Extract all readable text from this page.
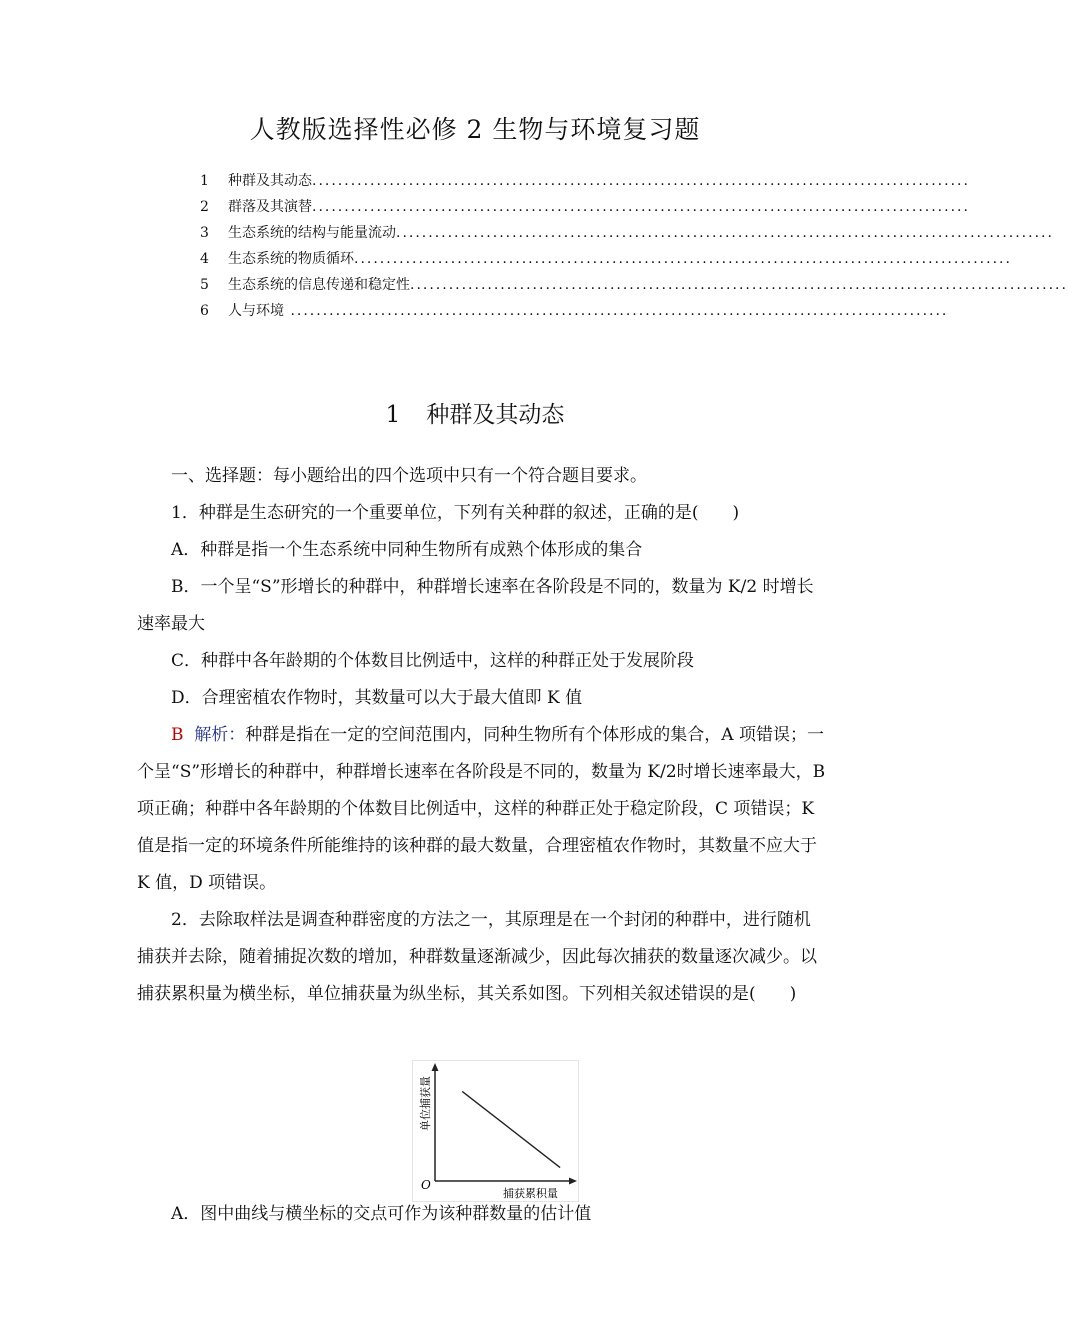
人教版选择性必修 2 生物与环境复习题
1 种群及其动态......................................................................................................
2 群落及其演替......................................................................................................
3 生态系统的结构与能量流动......................................................................................................
4 生态系统的物质循环......................................................................................................
5 生态系统的信息传递和稳定性......................................................................................................
6 人与环境 ......................................................................................................
1 种群及其动态

一、选择题：每小题给出的四个选项中只有一个符合题目要求。

1．种群是生态研究的一个重要单位，下列有关种群的叙述，正确的是(　　)

A．种群是指一个生态系统中同种生物所有成熟个体形成的集合

B．一个呈“S”形增长的种群中，种群增长速率在各阶段是不同的，数量为 K/2 时增长速率最大

C．种群中各年龄期的个体数目比例适中，这样的种群正处于发展阶段

D．合理密植农作物时，其数量可以大于最大值即 K 值

B 解析：种群是指在一定的空间范围内，同种生物所有个体形成的集合，A 项错误；一个呈“S”形增长的种群中，种群增长速率在各阶段是不同的，数量为 K/2时增长速率最大，B 项正确；种群中各年龄期的个体数目比例适中，这样的种群正处于稳定阶段，C 项错误；K 值是指一定的环境条件所能维持的该种群的最大数量，合理密植农作物时，其数量不应大于 K 值，D 项错误。

2．去除取样法是调查种群密度的方法之一，其原理是在一个封闭的种群中，进行随机捕获并去除，随着捕捉次数的增加，种群数量逐渐减少，因此每次捕获的数量逐次减少。以捕获累积量为横坐标，单位捕获量为纵坐标，其关系如图。下列相关叙述错误的是(　　)

O
捕获累积量
单位捕获量

A．图中曲线与横坐标的交点可作为该种群数量的估计值
